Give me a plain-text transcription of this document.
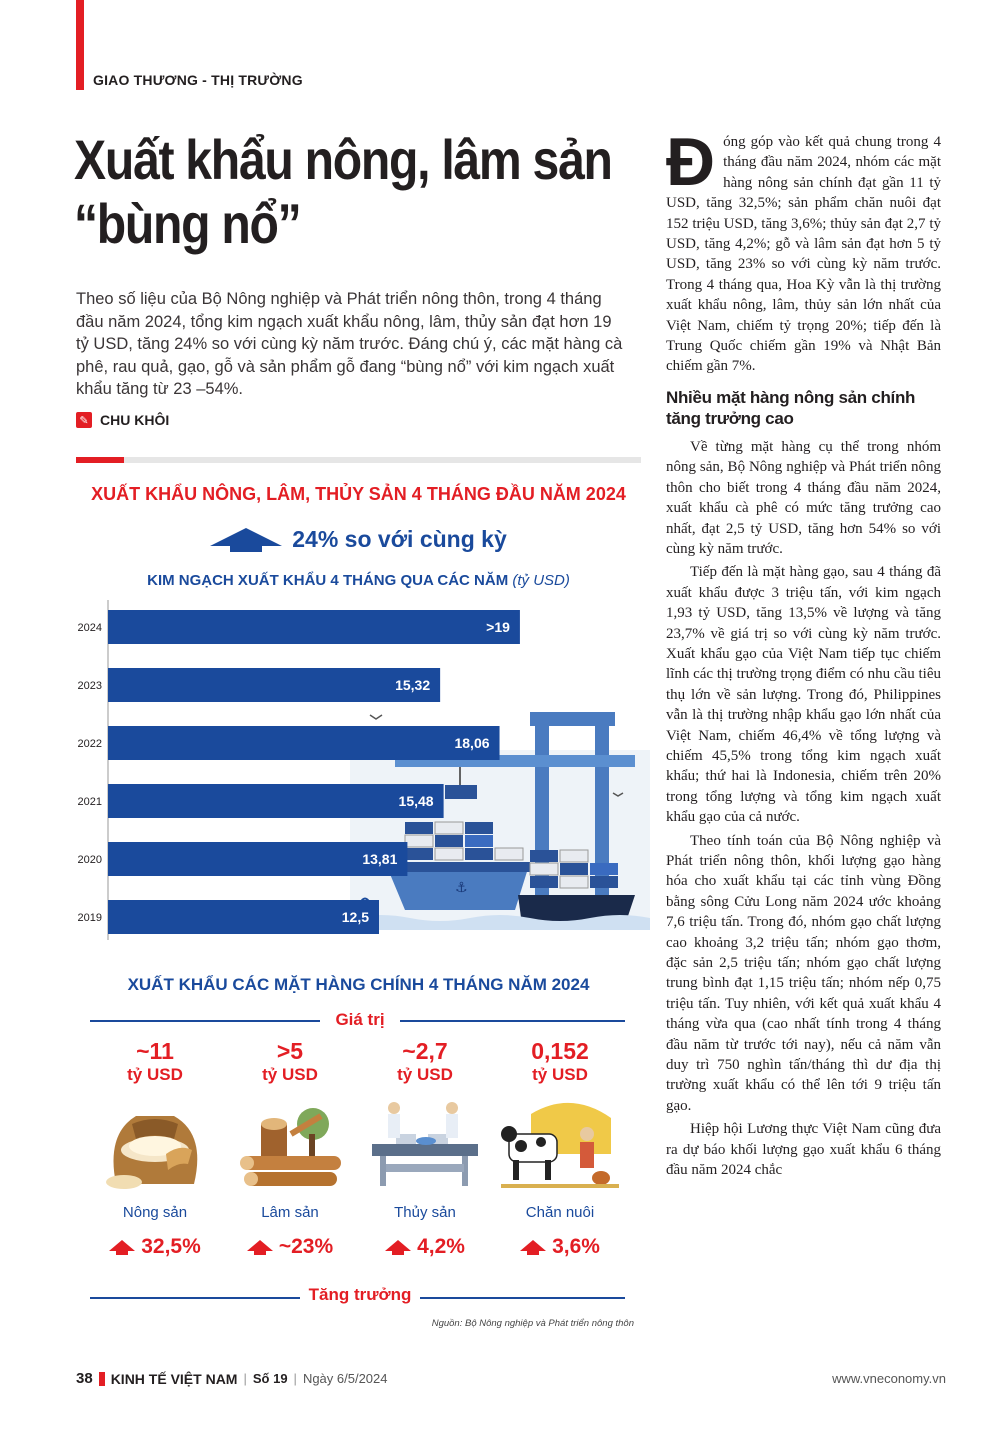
GIAO THƯƠNG - THỊ TRƯỜNG
Xuất khẩu nông, lâm sản
“bùng nổ”
Theo số liệu của Bộ Nông nghiệp và Phát triển nông thôn, trong 4 tháng đầu năm 2024, tổng kim ngạch xuất khẩu nông, lâm, thủy sản đạt hơn 19 tỷ USD, tăng 24% so với cùng kỳ năm trước. Đáng chú ý, các mặt hàng cà phê, rau quả, gạo, gỗ và sản phẩm gỗ đang “bùng nổ” với kim ngạch xuất khẩu tăng từ 23 –54%.
✎ CHU KHÔI
XUẤT KHẨU NÔNG, LÂM, THỦY SẢN 4 THÁNG ĐẦU NĂM 2024
24% so với cùng kỳ
KIM NGẠCH XUẤT KHẨU 4 THÁNG QUA CÁC NĂM (tỷ USD)
⚓
2024	>19
2023	15,32
2022	18,06
2021	15,48
2020	13,81
2019	12,5
XUẤT KHẨU CÁC MẶT HÀNG CHÍNH 4 THÁNG NĂM 2024
Giá trị
~11
tỷ USD
Nông sản
32,5%
>5
tỷ USD
Lâm sản
~23%
~2,7
tỷ USD
Thủy sản
4,2%
0,152
tỷ USD
Chăn nuôi
3,6%
Tăng trưởng
Nguồn: Bộ Nông nghiệp và Phát triển nông thôn

Đóng góp vào kết quả chung trong 4 tháng đầu năm 2024, nhóm các mặt hàng nông sản chính đạt gần 11 tỷ USD, tăng 32,5%; sản phẩm chăn nuôi đạt 152 triệu USD, tăng 3,6%; thủy sản đạt 2,7 tỷ USD, tăng 4,2%; gỗ và lâm sản đạt hơn 5 tỷ USD, tăng 23% so với cùng kỳ năm trước. Trong 4 tháng qua, Hoa Kỳ vẫn là thị trường xuất khẩu nông, lâm, thủy sản lớn nhất của Việt Nam, chiếm tỷ trọng 20%; tiếp đến là Trung Quốc chiếm gần 19% và Nhật Bản chiếm gần 7%.

Nhiều mặt hàng nông sản chính tăng trưởng cao

Về từng mặt hàng cụ thể trong nhóm nông sản, Bộ Nông nghiệp và Phát triển nông thôn cho biết trong 4 tháng đầu năm 2024, xuất khẩu cà phê có mức tăng trưởng cao nhất, đạt 2,5 tỷ USD, tăng hơn 54% so với cùng kỳ năm trước.

Tiếp đến là mặt hàng gạo, sau 4 tháng đã xuất khẩu được 3 triệu tấn, với kim ngạch 1,93 tỷ USD, tăng 13,5% về lượng và tăng 23,7% về giá trị so với cùng kỳ năm trước. Xuất khẩu gạo của Việt Nam tiếp tục chiếm lĩnh các thị trường trọng điểm có nhu cầu tiêu thụ lớn về sản lượng. Trong đó, Philippines vẫn là thị trường nhập khẩu gạo lớn nhất của Việt Nam, chiếm 46,4% về tổng lượng và chiếm 45,5% trong tổng kim ngạch xuất khẩu; thứ hai là Indonesia, chiếm trên 20% trong tổng lượng và tổng kim ngạch xuất khẩu gạo của cả nước.

Theo tính toán của Bộ Nông nghiệp và Phát triển nông thôn, khối lượng gạo hàng hóa cho xuất khẩu tại các tỉnh vùng Đồng bằng sông Cửu Long năm 2024 ước khoảng 7,6 triệu tấn. Trong đó, nhóm gạo chất lượng cao khoảng 3,2 triệu tấn; nhóm gạo thơm, đặc sản 2,5 triệu tấn; nhóm gạo chất lượng trung bình đạt 1,15 triệu tấn; nhóm nếp 0,75 triệu tấn. Tuy nhiên, với kết quả xuất khẩu 4 tháng vừa qua (cao nhất tính trong 4 tháng đầu năm từ trước tới nay), nếu cả năm vẫn duy trì 750 nghìn tấn/tháng thì dư địa thị trường xuất khẩu có thể lên tới 9 triệu tấn gạo.

Hiệp hội Lương thực Việt Nam cũng đưa ra dự báo khối lượng gạo xuất khẩu 6 tháng đầu năm 2024 chắc

38 KINH TẾ VIỆT NAM | Số 19 | Ngày 6/5/2024	www.vneconomy.vn
